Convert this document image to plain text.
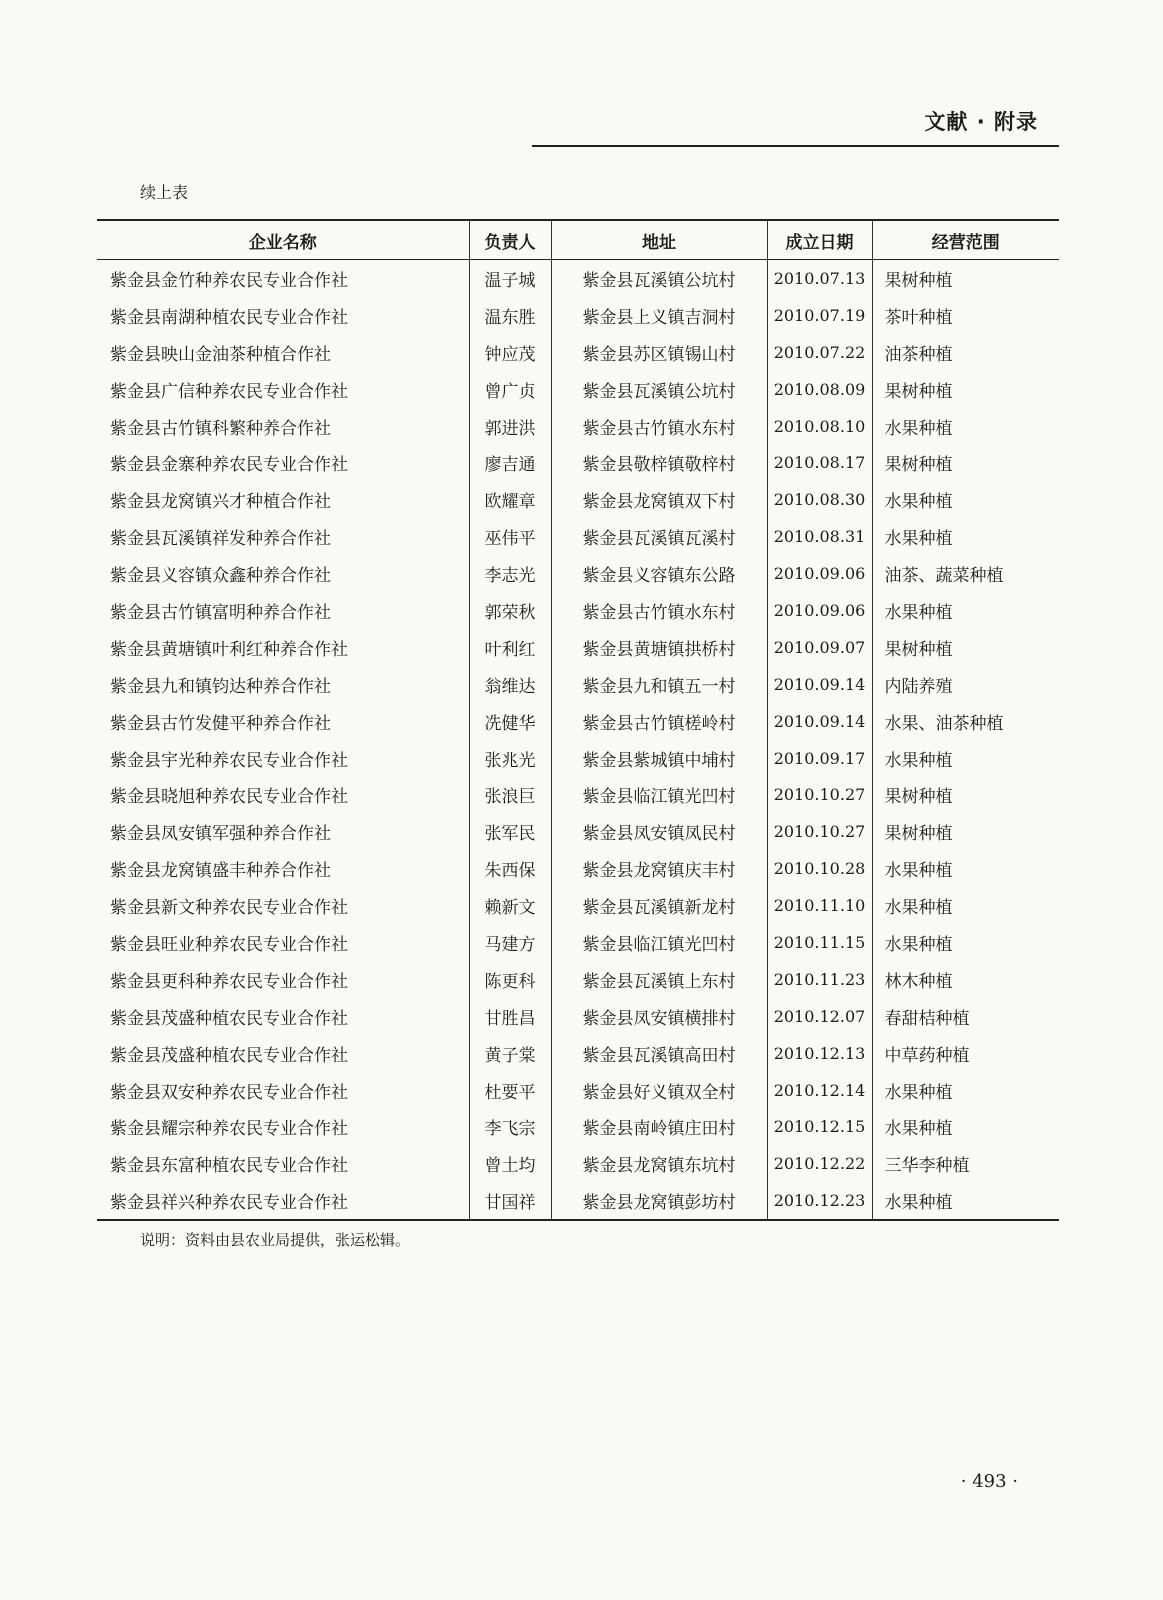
文献 · 附录
续上表
企业名称	负责人	地址	成立日期	经营范围
紫金县金竹种养农民专业合作社	温子城	紫金县瓦溪镇公坑村	2010.07.13	果树种植
紫金县南湖种植农民专业合作社	温东胜	紫金县上义镇吉洞村	2010.07.19	茶叶种植
紫金县映山金油茶种植合作社	钟应茂	紫金县苏区镇锡山村	2010.07.22	油茶种植
紫金县广信种养农民专业合作社	曾广贞	紫金县瓦溪镇公坑村	2010.08.09	果树种植
紫金县古竹镇科繁种养合作社	郭进洪	紫金县古竹镇水东村	2010.08.10	水果种植
紫金县金寨种养农民专业合作社	廖吉通	紫金县敬梓镇敬梓村	2010.08.17	果树种植
紫金县龙窝镇兴才种植合作社	欧耀章	紫金县龙窝镇双下村	2010.08.30	水果种植
紫金县瓦溪镇祥发种养合作社	巫伟平	紫金县瓦溪镇瓦溪村	2010.08.31	水果种植
紫金县义容镇众鑫种养合作社	李志光	紫金县义容镇东公路	2010.09.06	油茶、蔬菜种植
紫金县古竹镇富明种养合作社	郭荣秋	紫金县古竹镇水东村	2010.09.06	水果种植
紫金县黄塘镇叶利红种养合作社	叶利红	紫金县黄塘镇拱桥村	2010.09.07	果树种植
紫金县九和镇钧达种养合作社	翁维达	紫金县九和镇五一村	2010.09.14	内陆养殖
紫金县古竹发健平种养合作社	冼健华	紫金县古竹镇槎岭村	2010.09.14	水果、油茶种植
紫金县宇光种养农民专业合作社	张兆光	紫金县紫城镇中埔村	2010.09.17	水果种植
紫金县晓旭种养农民专业合作社	张浪巨	紫金县临江镇光凹村	2010.10.27	果树种植
紫金县凤安镇军强种养合作社	张军民	紫金县凤安镇凤民村	2010.10.27	果树种植
紫金县龙窝镇盛丰种养合作社	朱西保	紫金县龙窝镇庆丰村	2010.10.28	水果种植
紫金县新文种养农民专业合作社	赖新文	紫金县瓦溪镇新龙村	2010.11.10	水果种植
紫金县旺业种养农民专业合作社	马建方	紫金县临江镇光凹村	2010.11.15	水果种植
紫金县更科种养农民专业合作社	陈更科	紫金县瓦溪镇上东村	2010.11.23	林木种植
紫金县茂盛种植农民专业合作社	甘胜昌	紫金县凤安镇横排村	2010.12.07	春甜桔种植
紫金县茂盛种植农民专业合作社	黄子棠	紫金县瓦溪镇高田村	2010.12.13	中草药种植
紫金县双安种养农民专业合作社	杜要平	紫金县好义镇双全村	2010.12.14	水果种植
紫金县耀宗种养农民专业合作社	李飞宗	紫金县南岭镇庄田村	2010.12.15	水果种植
紫金县东富种植农民专业合作社	曾土均	紫金县龙窝镇东坑村	2010.12.22	三华李种植
紫金县祥兴种养农民专业合作社	甘国祥	紫金县龙窝镇彭坊村	2010.12.23	水果种植
说明：资料由县农业局提供，张运松辑。
· 493 ·
